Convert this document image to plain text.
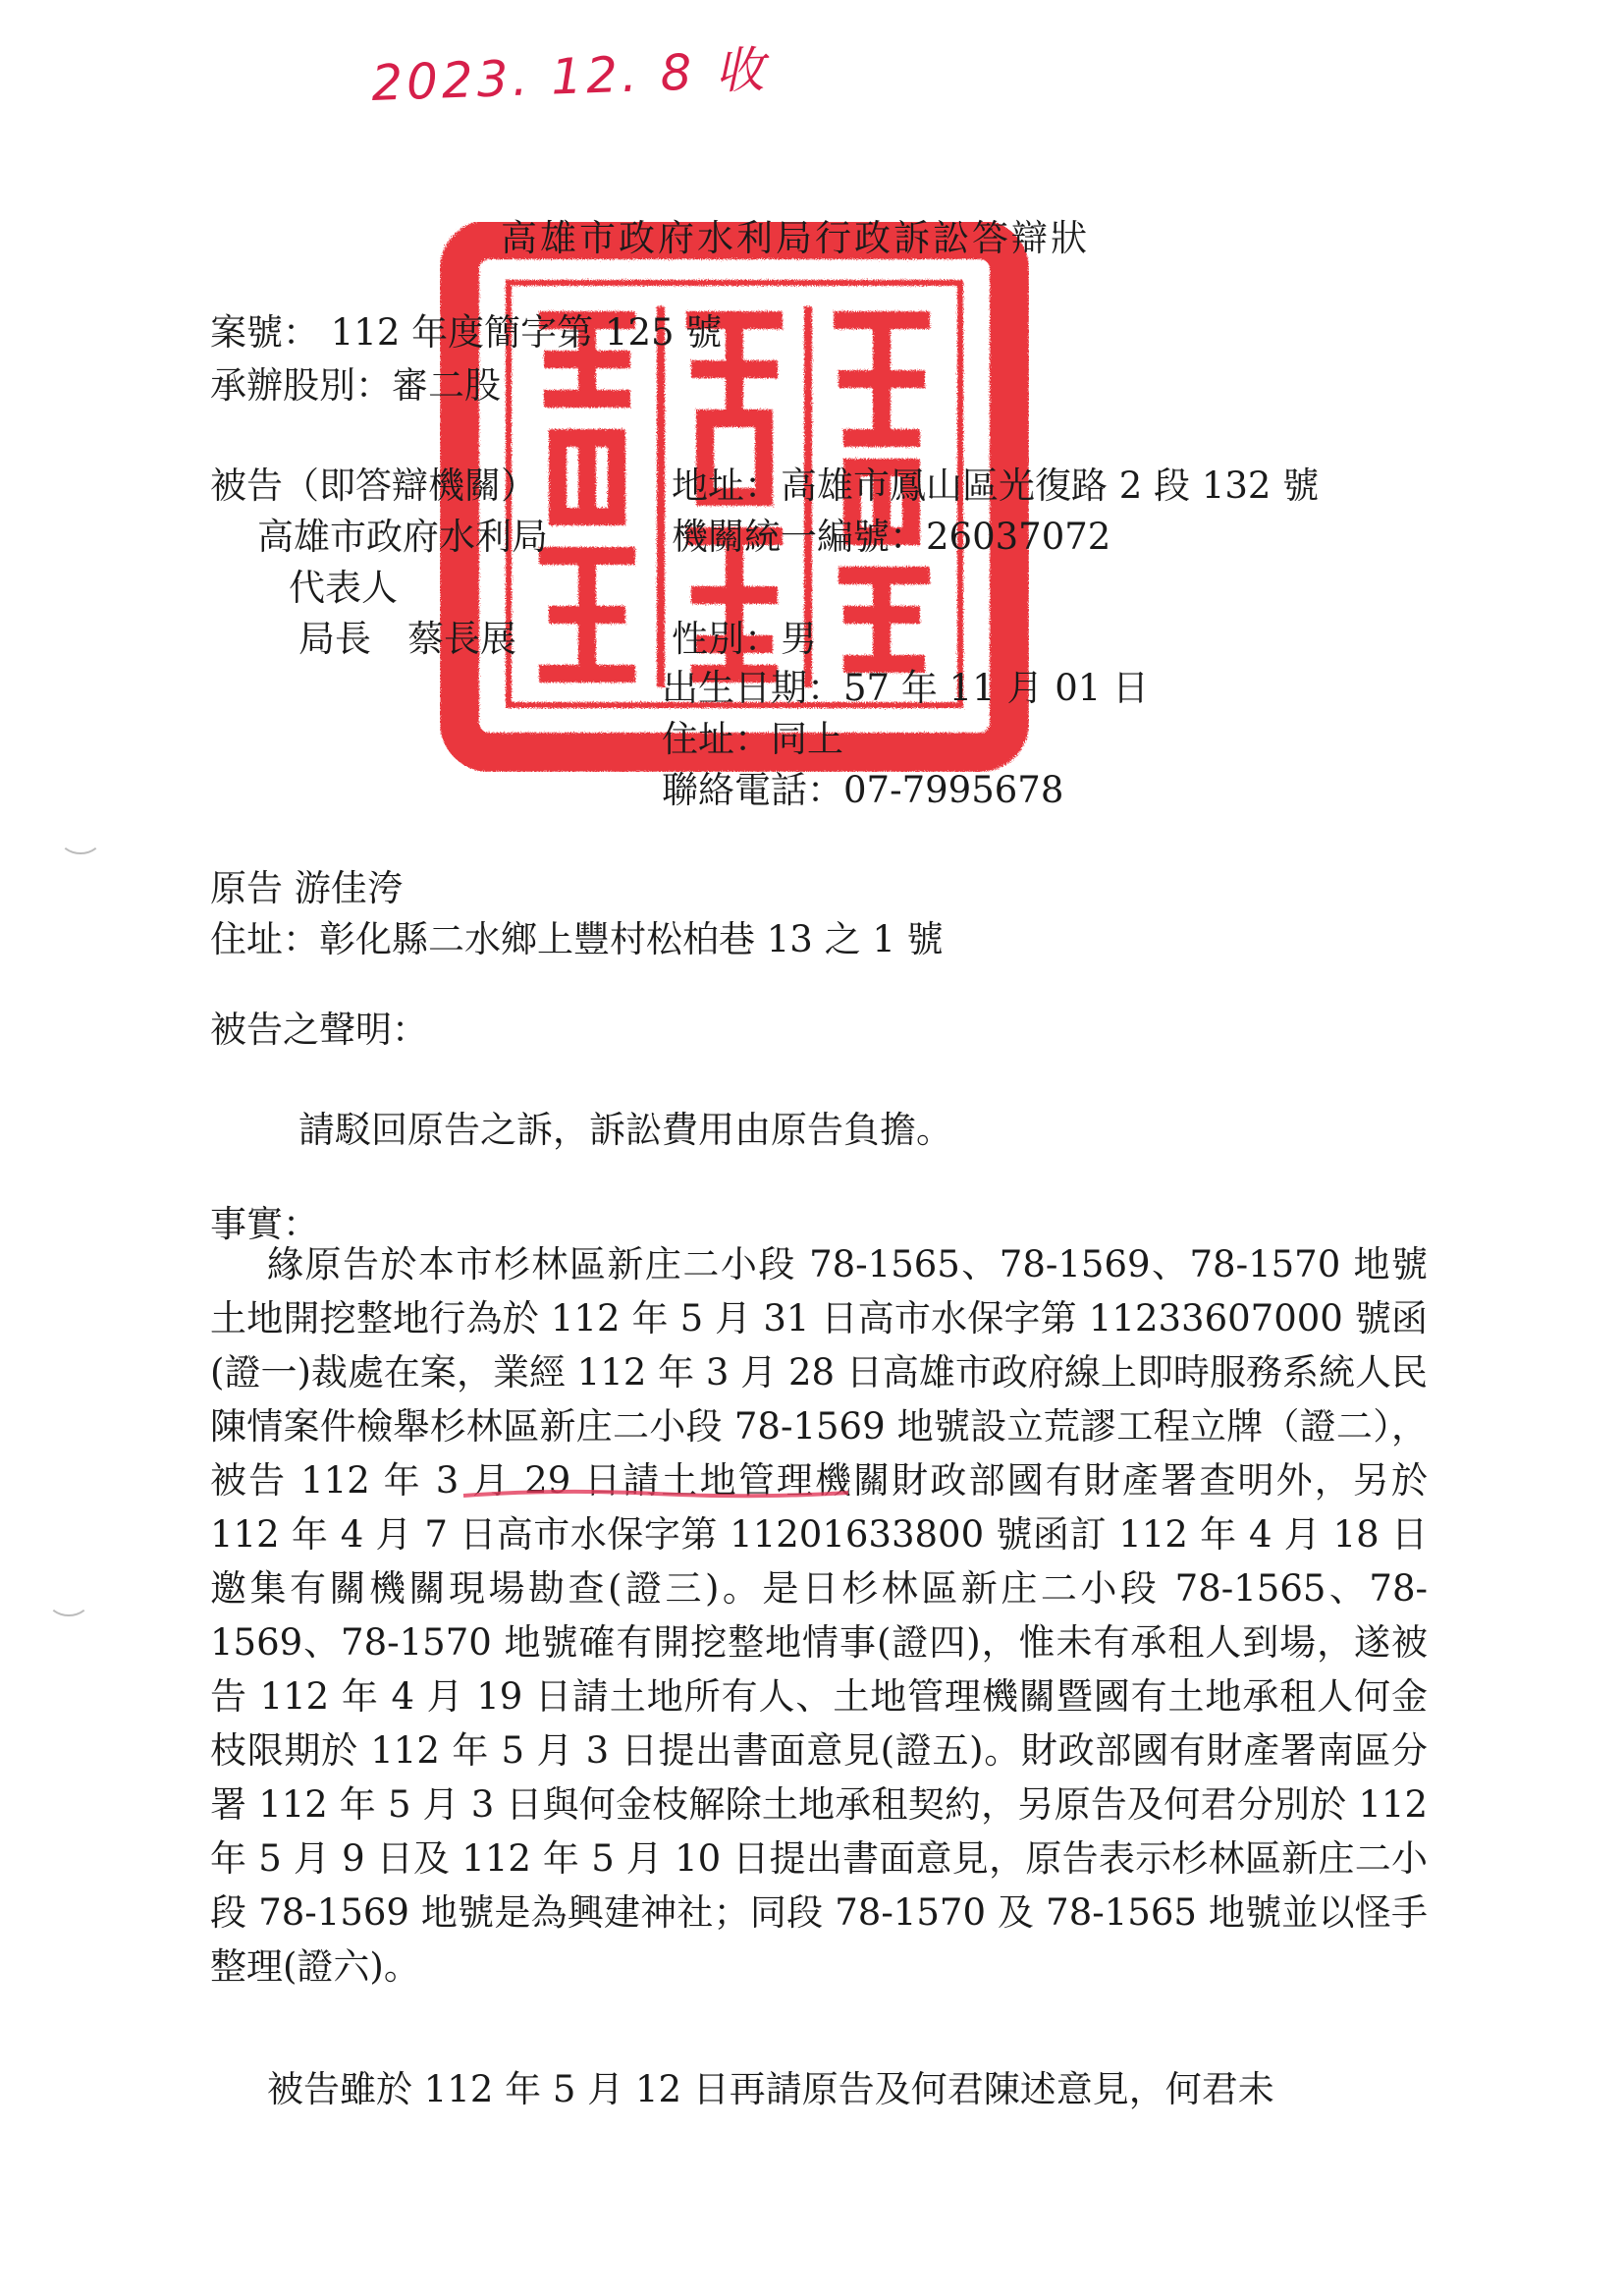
2023. 12. 8 收
高雄市政府水利局行政訴訟答辯狀
案號： 112 年度簡字第 125 號
承辦股別：審二股
被告（即答辯機關）
高雄市政府水利局
代表人
局長　蔡長展
地址：高雄市鳳山區光復路 2 段 132 號
機關統一編號：26037072
性別：男
出生日期：57 年 11 月 01 日
住址：同上
聯絡電話：07-7995678
原告 游佳洿
住址：彰化縣二水鄉上豐村松柏巷 13 之 1 號
被告之聲明：
請駁回原告之訴，訴訟費用由原告負擔。
事實：

緣原告於本市杉林區新庄二小段 78-1565、78-1569、78-1570 地號土地開挖整地行為於 112 年 5 月 31 日高市水保字第 11233607000 號函(證一)裁處在案，業經 112 年 3 月 28 日高雄市政府線上即時服務系統人民陳情案件檢舉杉林區新庄二小段 78-1569 地號設立荒謬工程立牌（證二），被告 112 年 3 月 29 日請土地管理機關財政部國有財產署查明外，另於 112 年 4 月 7 日高市水保字第 11201633800 號函訂 112 年 4 月 18 日邀集有關機關現場勘查(證三)。是日杉林區新庄二小段 78-1565、78-1569、78-1570 地號確有開挖整地情事(證四)，惟未有承租人到場，遂被告 112 年 4 月 19 日請土地所有人、土地管理機關暨國有土地承租人何金枝限期於 112 年 5 月 3 日提出書面意見(證五)。財政部國有財產署南區分署 112 年 5 月 3 日與何金枝解除土地承租契約，另原告及何君分別於 112 年 5 月 9 日及 112 年 5 月 10 日提出書面意見，原告表示杉林區新庄二小段 78-1569 地號是為興建神社；同段 78-1570 及 78-1565 地號並以怪手整理(證六)。

被告雖於 112 年 5 月 12 日再請原告及何君陳述意見，何君未
